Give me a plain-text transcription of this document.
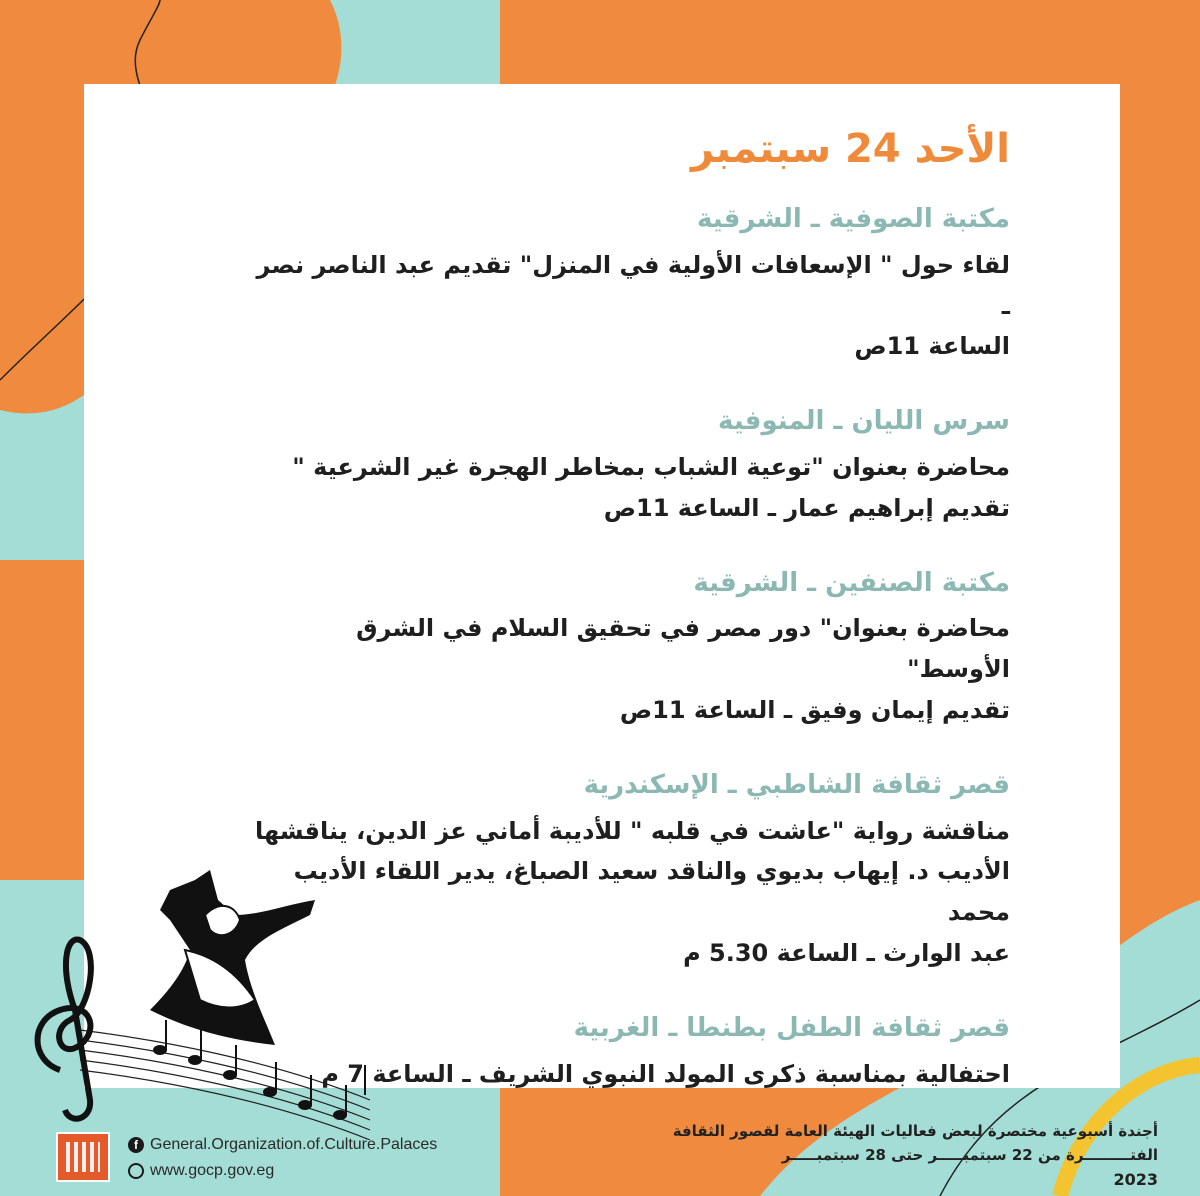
الأحد 24 سبتمبر
مكتبة الصوفية ـ الشرقية
لقاء حول " الإسعافات الأولية في المنزل" تقديم عبد الناصر نصر ـ
الساعة 11ص
سرس الليان ـ المنوفية
محاضرة بعنوان "توعية الشباب بمخاطر الهجرة غير الشرعية "
تقديم إبراهيم عمار ـ الساعة 11ص
مكتبة الصنفين ـ الشرقية
محاضرة بعنوان" دور مصر في تحقيق السلام في الشرق الأوسط"
تقديم إيمان وفيق ـ الساعة 11ص
قصر ثقافة الشاطبي ـ الإسكندرية
مناقشة رواية "عاشت في قلبه " للأديبة أماني عز الدين، يناقشها
الأديب د. إيهاب بديوي والناقد سعيد الصباغ، يدير اللقاء الأديب محمد
عبد الوارث ـ الساعة 5.30 م
قصر ثقافة الطفل بطنطا ـ الغربية
احتفالية بمناسبة ذكرى المولد النبوي الشريف ـ الساعة 7 م
f General.Organization.of.Culture.Palaces
www.gocp.gov.eg
أجندة أسبوعية مختصرة لبعض فعاليات الهيئة العامة لقصور الثقافة
الفتـــــــــرة من 22 سبتمبـــــر حتى 28 سبتمبـــــر
2023
